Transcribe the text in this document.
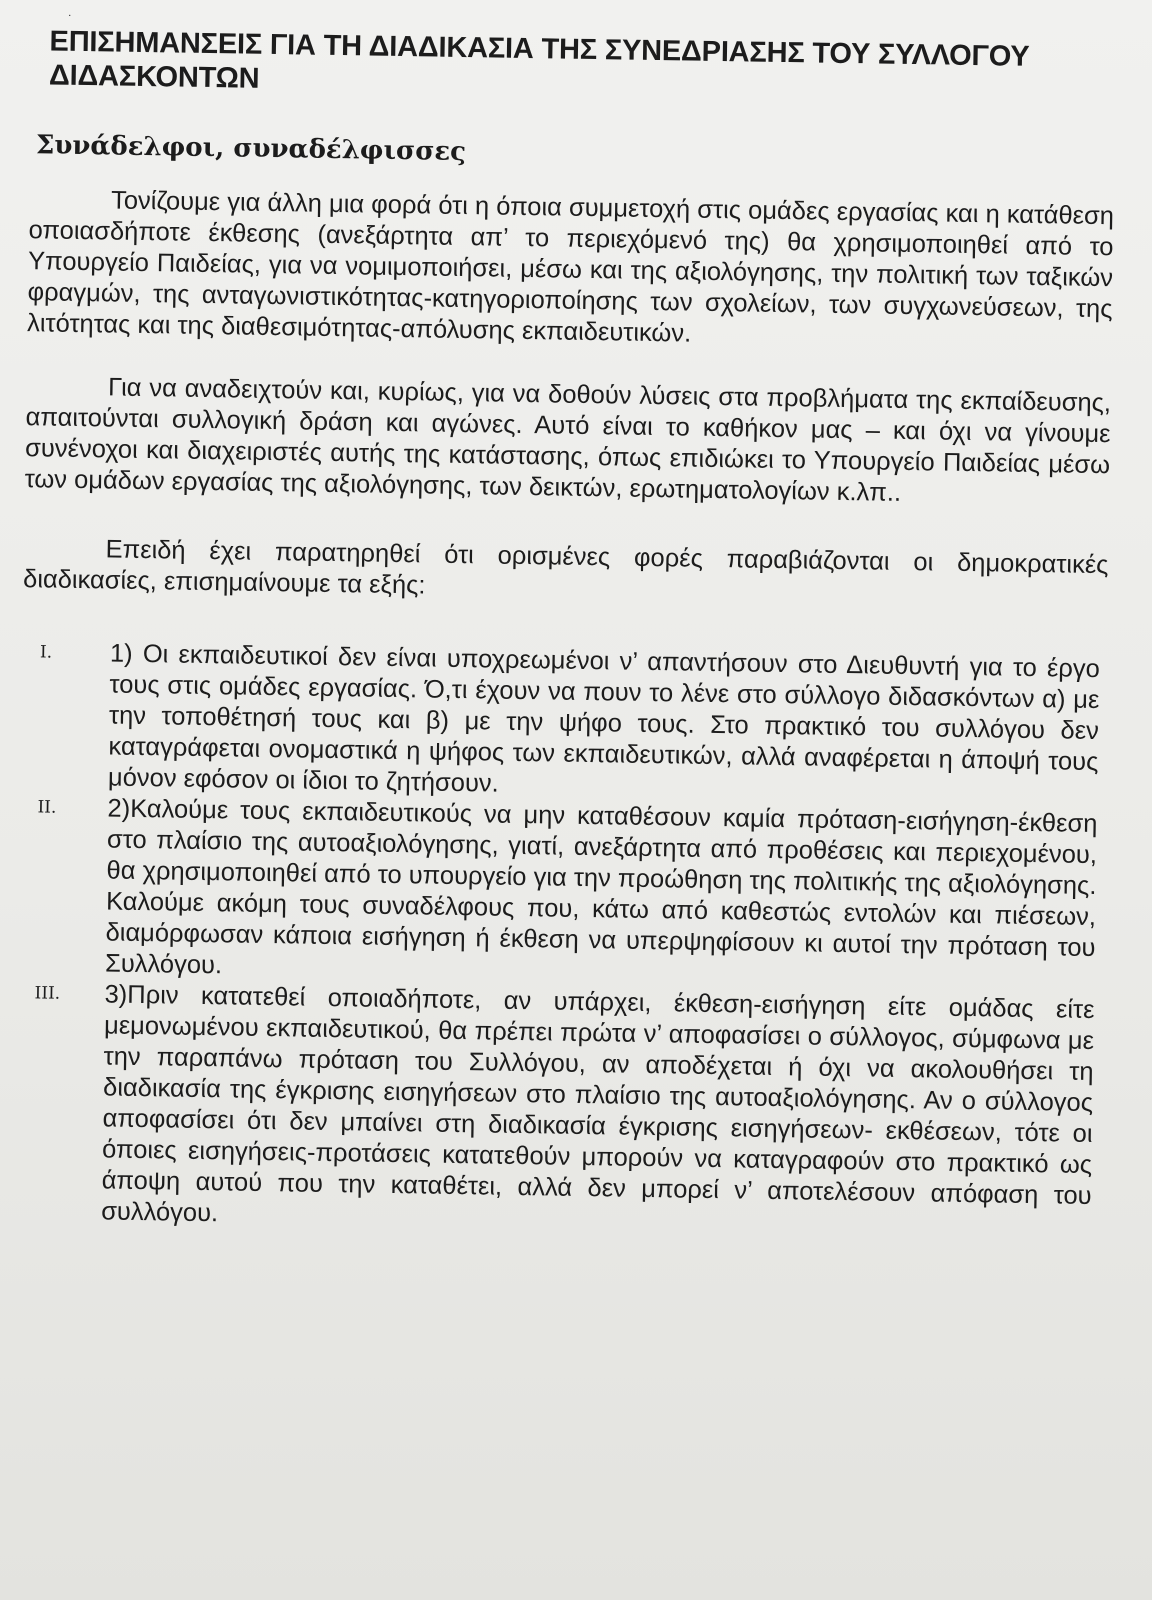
˙
ΕΠΙΣΗΜΑΝΣΕΙΣ ΓΙΑ ΤΗ ΔΙΑΔΙΚΑΣΙΑ ΤΗΣ ΣΥΝΕΔΡΙΑΣΗΣ ΤΟΥ ΣΥΛΛΟΓΟΥ ΔΙΔΑΣΚΟΝΤΩΝ
Συνάδελφοι, συναδέλφισσες

Τονίζουμε για άλλη μια φορά ότι η όποια συμμετοχή στις ομάδες εργασίας και η κατάθεση οποιασδήποτε έκθεσης (ανεξάρτητα απ’ το περιεχόμενό της) θα χρησιμοποιηθεί από το Υπουργείο Παιδείας, για να νομιμοποιήσει, μέσω και της αξιολόγησης, την πολιτική των ταξικών φραγμών, της ανταγωνιστικότητας-κατηγοριοποίησης των σχολείων, των συγχωνεύσεων, της λιτότητας και της διαθεσιμότητας-απόλυσης εκπαιδευτικών.

Για να αναδειχτούν και, κυρίως, για να δοθούν λύσεις στα προβλήματα της εκπαίδευσης, απαιτούνται συλλογική δράση και αγώνες. Αυτό είναι το καθήκον μας – και όχι να γίνουμε συνένοχοι και διαχειριστές αυτής της κατάστασης, όπως επιδιώκει το Υπουργείο Παιδείας μέσω των ομάδων εργασίας της αξιολόγησης, των δεικτών, ερωτηματολογίων κ.λπ..

Επειδή έχει παρατηρηθεί ότι ορισμένες φορές παραβιάζονται οι δημοκρατικές διαδικασίες, επισημαίνουμε τα εξής:

I. 1) Οι εκπαιδευτικοί δεν είναι υποχρεωμένοι ν’ απαντήσουν στο Διευθυντή για το έργο τους στις ομάδες εργασίας. Ό,τι έχουν να πουν το λένε στο σύλλογο διδασκόντων α) με την τοποθέτησή τους και β) με την ψήφο τους. Στο πρακτικό του συλλόγου δεν καταγράφεται ονομαστικά η ψήφος των εκπαιδευτικών, αλλά αναφέρεται η άποψή τους μόνον εφόσον οι ίδιοι το ζητήσουν.
II. 2)Καλούμε τους εκπαιδευτικούς να μην καταθέσουν καμία πρόταση-εισήγηση-έκθεση στο πλαίσιο της αυτοαξιολόγησης, γιατί, ανεξάρτητα από προθέσεις και περιεχομένου, θα χρησιμοποιηθεί από το υπουργείο για την προώθηση της πολιτικής της αξιολόγησης. Καλούμε ακόμη τους συναδέλφους που, κάτω από καθεστώς εντολών και πιέσεων, διαμόρφωσαν κάποια εισήγηση ή έκθεση να υπερψηφίσουν κι αυτοί την πρόταση του Συλλόγου.
III. 3)Πριν κατατεθεί οποιαδήποτε, αν υπάρχει, έκθεση-εισήγηση είτε ομάδας είτε μεμονωμένου εκπαιδευτικού, θα πρέπει πρώτα ν’ αποφασίσει ο σύλλογος, σύμφωνα με την παραπάνω πρόταση του Συλλόγου, αν αποδέχεται ή όχι να ακολουθήσει τη διαδικασία της έγκρισης εισηγήσεων στο πλαίσιο της αυτοαξιολόγησης. Αν ο σύλλογος αποφασίσει ότι δεν μπαίνει στη διαδικασία έγκρισης εισηγήσεων- εκθέσεων, τότε οι όποιες εισηγήσεις-προτάσεις κατατεθούν μπορούν να καταγραφούν στο πρακτικό ως άποψη αυτού που την καταθέτει, αλλά δεν μπορεί ν’ αποτελέσουν απόφαση του συλλόγου.
